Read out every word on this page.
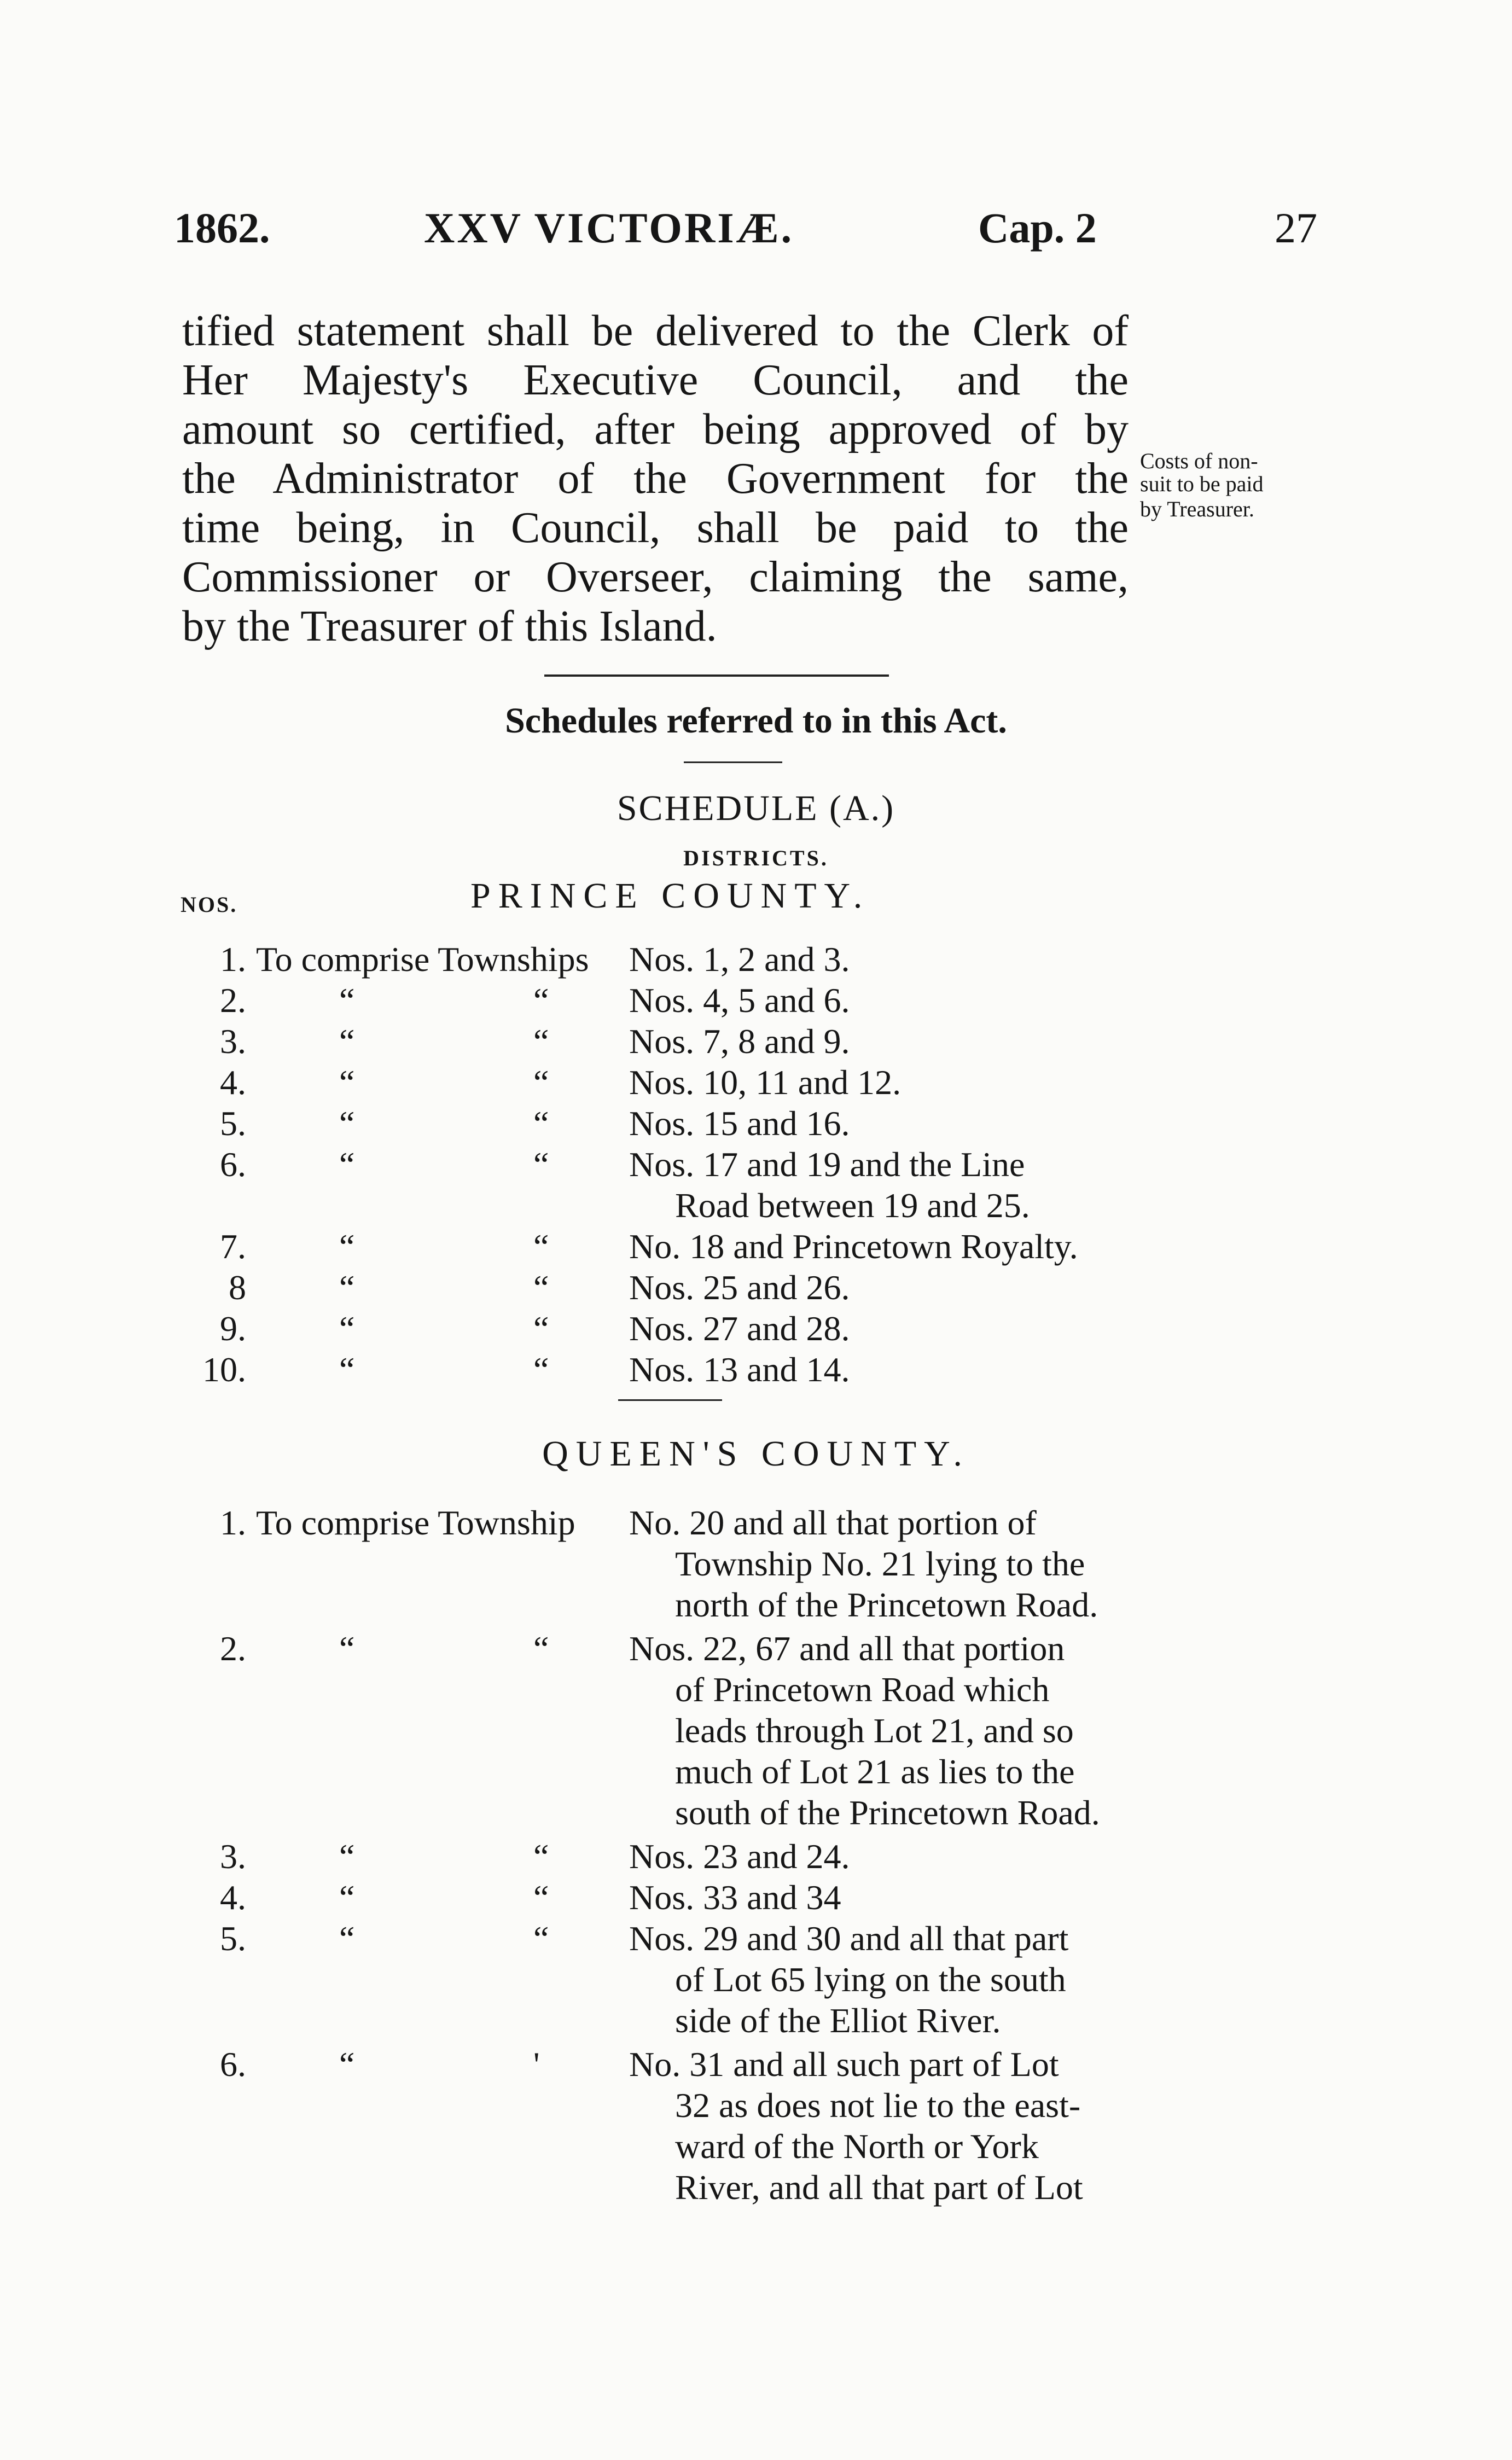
1862.	XXV VICTORIÆ.	Cap. 2	27
tified statement shall be delivered to the Clerk of
Her Majesty's Executive Council, and the
amount so certified, after being approved of by
the Administrator of the Government for the
time being, in Council, shall be paid to the
Commissioner or Overseer, claiming the same,
by the Treasurer of this Island.
Costs of non-
suit to be paid
by Treasurer.
Schedules referred to in this Act.
SCHEDULE (A.)
DISTRICTS.
NOS.	PRINCE COUNTY.
1. To comprise Townships Nos. 1, 2 and 3.
2.	“	“ Nos. 4, 5 and 6.
3.	“	“ Nos. 7, 8 and 9.
4.	“	“ Nos. 10, 11 and 12.
5.	“	“ Nos. 15 and 16.
6.	“	“ Nos. 17 and 19 and the Line
Road between 19 and 25.
7.	“	“ No. 18 and Princetown Royalty.
8	“	“ Nos. 25 and 26.
9.	“	“ Nos. 27 and 28.
10.	“	“ Nos. 13 and 14.
QUEEN'S COUNTY.
1. To comprise Township No. 20 and all that portion of
Township No. 21 lying to the
north of the Princetown Road.
2.	“	“ Nos. 22, 67 and all that portion
of Princetown Road which
leads through Lot 21, and so
much of Lot 21 as lies to the
south of the Princetown Road.
3.	“	“ Nos. 23 and 24.
4.	“	“ Nos. 33 and 34
5.	“	“ Nos. 29 and 30 and all that part
of Lot 65 lying on the south
side of the Elliot River.
6.	“	'	No. 31 and all such part of Lot
32 as does not lie to the east-
ward of the North or York
River, and all that part of Lot
